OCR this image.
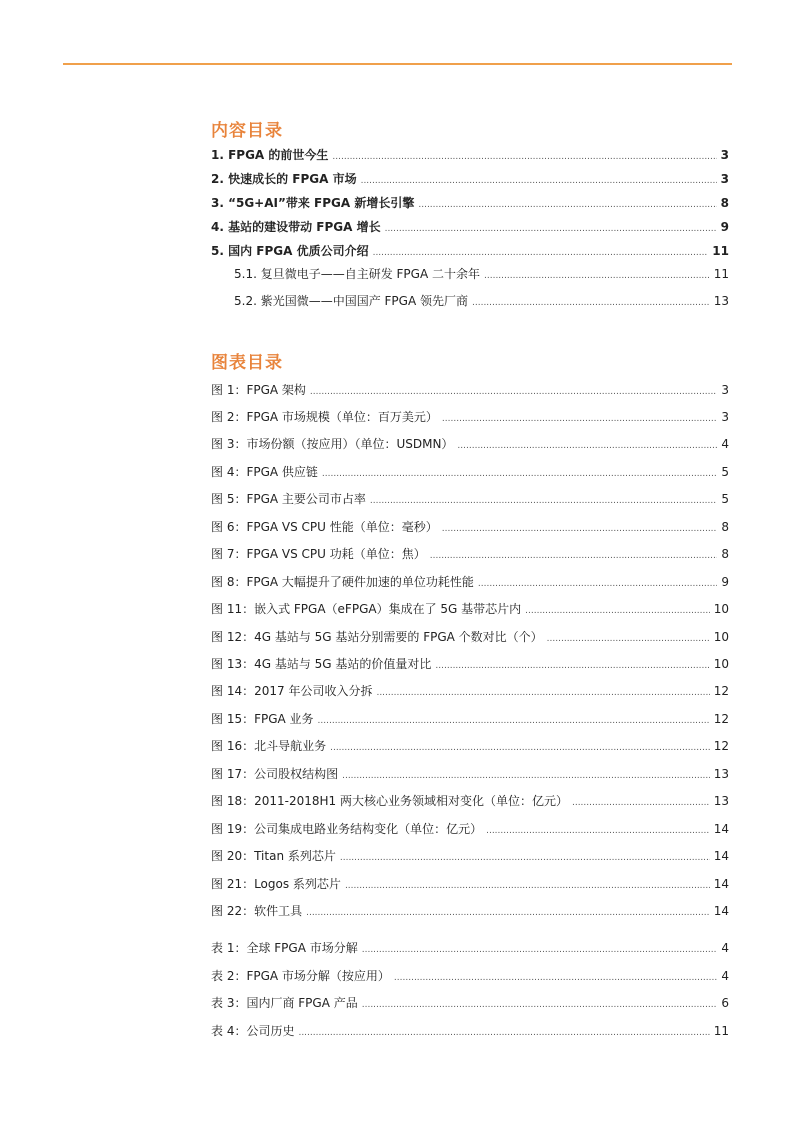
内容目录
1. FPGA 的前世今生 .....	3
2. 快速成长的 FPGA 市场 .....	3
3. “5G+AI”带来 FPGA 新增长引擎 .....	8
4. 基站的建设带动 FPGA 增长 .....	9
5. 国内 FPGA 优质公司介绍 .....	11
5.1. 复旦微电子——自主研发 FPGA 二十余年 .....	11
5.2. 紫光国微——中国国产 FPGA 领先厂商 .....	13
图表目录
图 1：FPGA 架构 .....	3
图 2：FPGA 市场规模（单位：百万美元） .....	3
图 3：市场份额（按应用）（单位：USDMN） .....	4
图 4：FPGA 供应链 .....	5
图 5：FPGA 主要公司市占率 .....	5
图 6：FPGA VS CPU 性能（单位：毫秒） .....	8
图 7：FPGA VS CPU 功耗（单位：焦） .....	8
图 8：FPGA 大幅提升了硬件加速的单位功耗性能 .....	9
图 11：嵌入式 FPGA（eFPGA）集成在了 5G 基带芯片内 .....	10
图 12：4G 基站与 5G 基站分别需要的 FPGA 个数对比（个） .....	10
图 13：4G 基站与 5G 基站的价值量对比 .....	10
图 14：2017 年公司收入分拆 .....	12
图 15：FPGA 业务 .....	12
图 16：北斗导航业务 .....	12
图 17：公司股权结构图 .....	13
图 18：2011-2018H1 两大核心业务领域相对变化（单位：亿元） .....	13
图 19：公司集成电路业务结构变化（单位：亿元） .....	14
图 20：Titan 系列芯片 .....	14
图 21：Logos 系列芯片 .....	14
图 22：软件工具 .....	14
表 1：全球 FPGA 市场分解 .....	4
表 2：FPGA 市场分解（按应用） .....	4
表 3：国内厂商 FPGA 产品 .....	6
表 4：公司历史 .....	11
